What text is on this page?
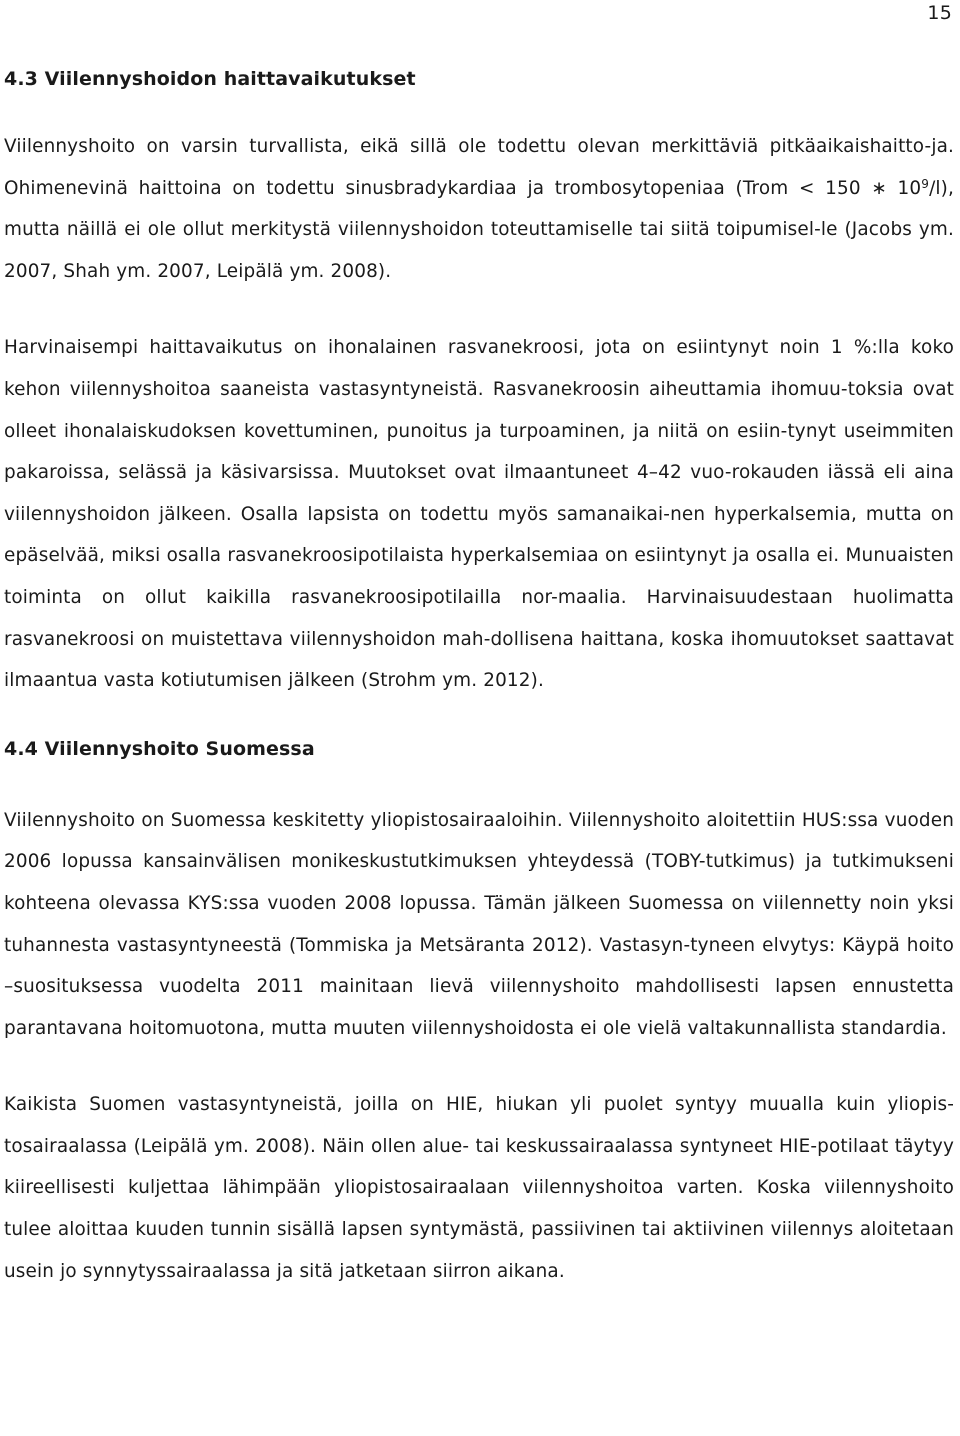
15
4.3 Viilennyshoidon haittavaikutukset

Viilennyshoito on varsin turvallista, eikä sillä ole todettu olevan merkittäviä pitkäaikaishaitto-ja. Ohimenevinä haittoina on todettu sinusbradykardiaa ja trombosytopeniaa (Trom < 150 ∗ $10^9/l$), mutta näillä ei ole ollut merkitystä viilennyshoidon toteuttamiselle tai siitä toipumisel-le (Jacobs ym. 2007, Shah ym. 2007, Leipälä ym. 2008).

Harvinaisempi haittavaikutus on ihonalainen rasvanekroosi, jota on esiintynyt noin 1 %:lla koko kehon viilennyshoitoa saaneista vastasyntyneistä. Rasvanekroosin aiheuttamia ihomuu-toksia ovat olleet ihonalaiskudoksen kovettuminen, punoitus ja turpoaminen, ja niitä on esiin-tynyt useimmiten pakaroissa, selässä ja käsivarsissa. Muutokset ovat ilmaantuneet 4–42 vuo-rokauden iässä eli aina viilennyshoidon jälkeen. Osalla lapsista on todettu myös samanaikai-nen hyperkalsemia, mutta on epäselvää, miksi osalla rasvanekroosipotilaista hyperkalsemiaa on esiintynyt ja osalla ei. Munuaisten toiminta on ollut kaikilla rasvanekroosipotilailla nor-maalia. Harvinaisuudestaan huolimatta rasvanekroosi on muistettava viilennyshoidon mah-dollisena haittana, koska ihomuutokset saattavat ilmaantua vasta kotiutumisen jälkeen (Strohm ym. 2012).

4.4 Viilennyshoito Suomessa

Viilennyshoito on Suomessa keskitetty yliopistosairaaloihin. Viilennyshoito aloitettiin HUS:ssa vuoden 2006 lopussa kansainvälisen monikeskustutkimuksen yhteydessä (TOBY-tutkimus) ja tutkimukseni kohteena olevassa KYS:ssa vuoden 2008 lopussa. Tämän jälkeen Suomessa on viilennetty noin yksi tuhannesta vastasyntyneestä (Tommiska ja Metsäranta 2012). Vastasyn-tyneen elvytys: Käypä hoito –suosituksessa vuodelta 2011 mainitaan lievä viilennyshoito mahdollisesti lapsen ennustetta parantavana hoitomuotona, mutta muuten viilennyshoidosta ei ole vielä valtakunnallista standardia.

Kaikista Suomen vastasyntyneistä, joilla on HIE, hiukan yli puolet syntyy muualla kuin yliopis-tosairaalassa (Leipälä ym. 2008). Näin ollen alue- tai keskussairaalassa syntyneet HIE-potilaat täytyy kiireellisesti kuljettaa lähimpään yliopistosairaalaan viilennyshoitoa varten. Koska viilennyshoito tulee aloittaa kuuden tunnin sisällä lapsen syntymästä, passiivinen tai aktiivinen viilennys aloitetaan usein jo synnytyssairaalassa ja sitä jatketaan siirron aikana.
